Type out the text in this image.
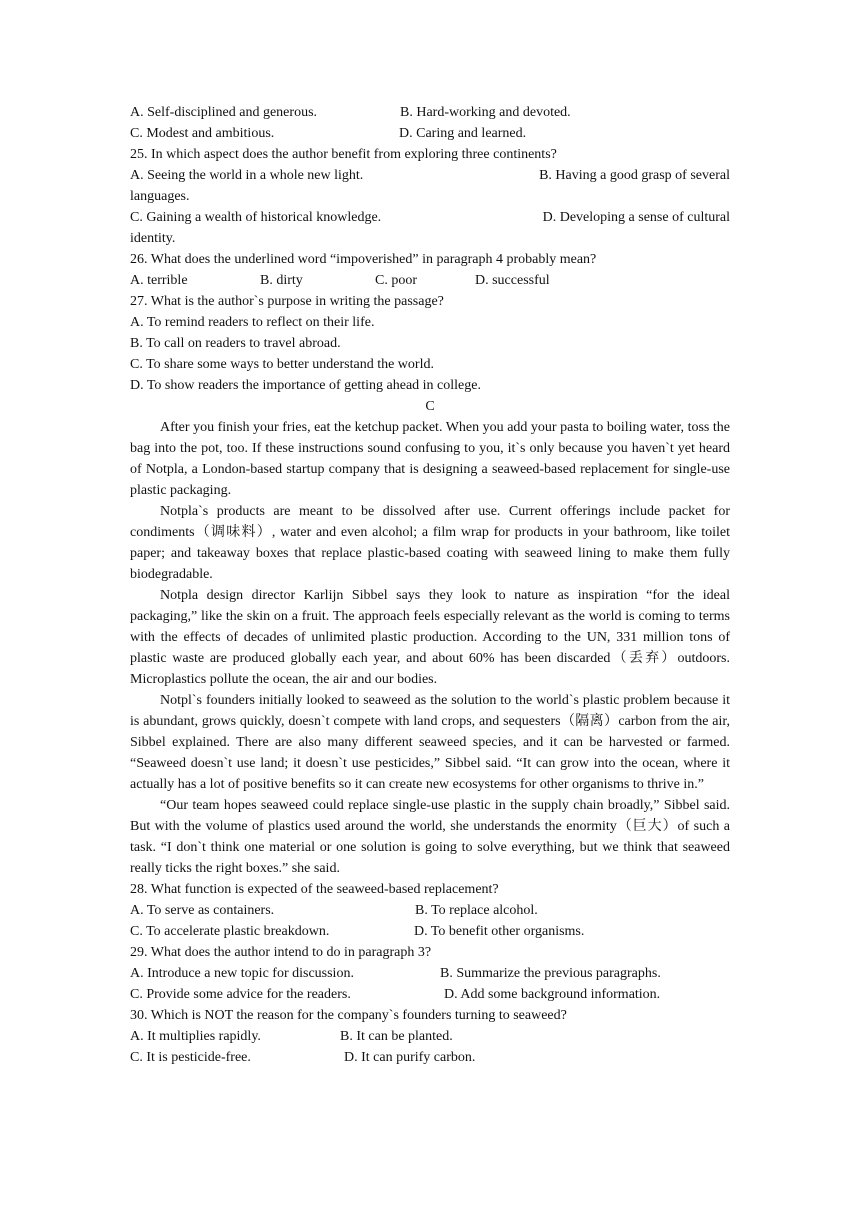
A. Self-disciplined and generous.	B. Hard-working and devoted.
C. Modest and ambitious.	D. Caring and learned.
25. In which aspect does the author benefit from exploring three continents?
A. Seeing the world in a whole new light.	B. Having a good grasp of several
languages.
C. Gaining a wealth of historical knowledge.	D. Developing a sense of cultural
identity.
26. What does the underlined word “impoverished” in paragraph 4 probably mean?
A. terrible	B. dirty	C. poor	D. successful
27. What is the author`s purpose in writing the passage?
A. To remind readers to reflect on their life.
B. To call on readers to travel abroad.
C. To share some ways to better understand the world.
D. To show readers the importance of getting ahead in college.
C

After you finish your fries, eat the ketchup packet. When you add your pasta to boiling water, toss the bag into the pot, too. If these instructions sound confusing to you, it`s only because you haven`t yet heard of Notpla, a London-based startup company that is designing a seaweed-based replacement for single-use plastic packaging.

Notpla`s products are meant to be dissolved after use. Current offerings include packet for condiments（调味料）, water and even alcohol; a film wrap for products in your bathroom, like toilet paper; and takeaway boxes that replace plastic-based coating with seaweed lining to make them fully biodegradable.

Notpla design director Karlijn Sibbel says they look to nature as inspiration “for the ideal packaging,” like the skin on a fruit. The approach feels especially relevant as the world is coming to terms with the effects of decades of unlimited plastic production. According to the UN, 331 million tons of plastic waste are produced globally each year, and about 60% has been discarded（丢弃）outdoors. Microplastics pollute the ocean, the air and our bodies.

Notpl`s founders initially looked to seaweed as the solution to the world`s plastic problem because it is abundant, grows quickly, doesn`t compete with land crops, and sequesters（隔离）carbon from the air, Sibbel explained. There are also many different seaweed species, and it can be harvested or farmed. “Seaweed doesn`t use land; it doesn`t use pesticides,” Sibbel said. “It can grow into the ocean, where it actually has a lot of positive benefits so it can create new ecosystems for other organisms to thrive in.”

“Our team hopes seaweed could replace single-use plastic in the supply chain broadly,” Sibbel said. But with the volume of plastics used around the world, she understands the enormity（巨大）of such a task. “I don`t think one material or one solution is going to solve everything, but we think that seaweed really ticks the right boxes.” she said.

28. What function is expected of the seaweed-based replacement?
A. To serve as containers.	B. To replace alcohol.
C. To accelerate plastic breakdown.	D. To benefit other organisms.
29. What does the author intend to do in paragraph 3?
A. Introduce a new topic for discussion.	B. Summarize the previous paragraphs.
C. Provide some advice for the readers.	D. Add some background information.
30. Which is NOT the reason for the company`s founders turning to seaweed?
A. It multiplies rapidly.	B. It can be planted.
C. It is pesticide-free.	D. It can purify carbon.
